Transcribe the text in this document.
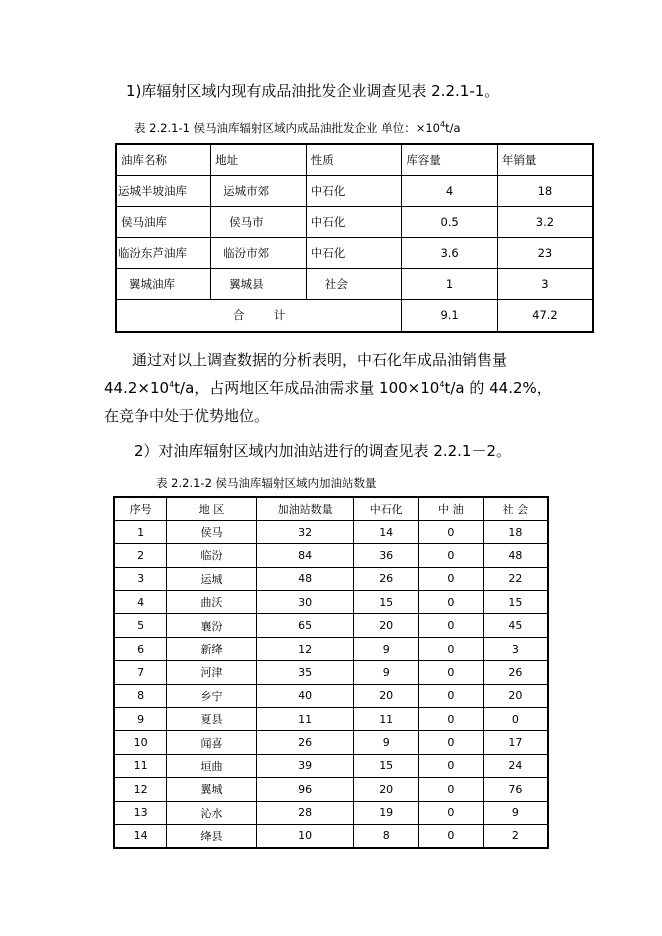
1)库辐射区域内现有成品油批发企业调查见表 2.2.1-1。
表 2.2.1-1 侯马油库辐射区域内成品油批发企业 单位：$\times 10^4t/a$
油库名称	地址	性质	库容量	年销量
运城半坡油库	运城市郊	中石化	4	18
侯马油库	侯马市	中石化	0.5	3.2
临汾东芦油库	临汾市郊	中石化	3.6	23
翼城油库	翼城县	社会	1	3
合        计			9.1	47.2
通过对以上调查数据的分析表明，中石化年成品油销售量
$44.2\times 10^4t/a$，占两地区年成品油需求量 $100\times 10^4t/a$ 的 44.2%，
在竞争中处于优势地位。
2）对油库辐射区域内加油站进行的调查见表 2.2.1－2。
表 2.2.1-2 侯马油库辐射区域内加油站数量
序号	地 区	加油站数量	中石化	中 油	社 会
1	侯马	32	14	0	18
2	临汾	84	36	0	48
3	运城	48	26	0	22
4	曲沃	30	15	0	15
5	襄汾	65	20	0	45
6	新绛	12	9	0	3
7	河津	35	9	0	26
8	乡宁	40	20	0	20
9	夏县	11	11	0	0
10	闻喜	26	9	0	17
11	垣曲	39	15	0	24
12	翼城	96	20	0	76
13	沁水	28	19	0	9
14	绛县	10	8	0	2
